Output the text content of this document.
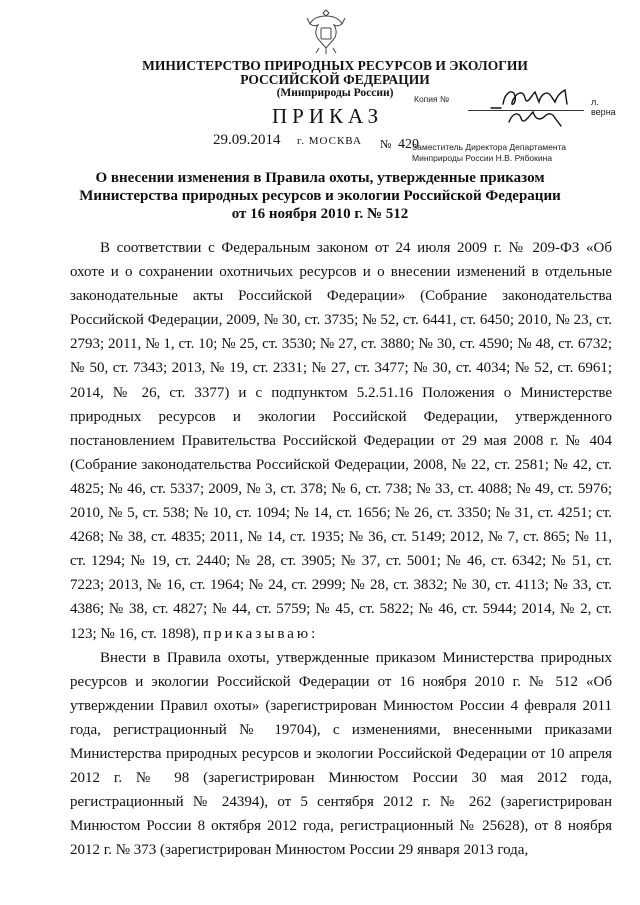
МИНИСТЕРСТВО ПРИРОДНЫХ РЕСУРСОВ И ЭКОЛОГИИ
РОССИЙСКОЙ ФЕДЕРАЦИИ
(Минприроды России)
ПРИКАЗ
29.09.2014 г. МОСКВА № 420
Копия №	л. верна
Заместитель Директора Департамента
Минприроды России Н.В. Рябокина
О внесении изменения в Правила охоты, утвержденные приказом
Министерства природных ресурсов и экологии Российской Федерации
от 16 ноября 2010 г. № 512

В соответствии с Федеральным законом от 24 июля 2009 г. № 209-ФЗ «Об охоте и о сохранении охотничьих ресурсов и о внесении изменений в отдельные законодательные акты Российской Федерации» (Собрание законодательства Российской Федерации, 2009, № 30, ст. 3735; № 52, ст. 6441, ст. 6450; 2010, № 23, ст. 2793; 2011, № 1, ст. 10; № 25, ст. 3530; № 27, ст. 3880; № 30, ст. 4590; № 48, ст. 6732; № 50, ст. 7343; 2013, № 19, ст. 2331; № 27, ст. 3477; № 30, ст. 4034; № 52, ст. 6961; 2014, № 26, ст. 3377) и с подпунктом 5.2.51.16 Положения о Министерстве природных ресурсов и экологии Российской Федерации, утвержденного постановлением Правительства Российской Федерации от 29 мая 2008 г. № 404 (Собрание законодательства Российской Федерации, 2008, № 22, ст. 2581; № 42, ст. 4825; № 46, ст. 5337; 2009, № 3, ст. 378; № 6, ст. 738; № 33, ст. 4088; № 49, ст. 5976; 2010, № 5, ст. 538; № 10, ст. 1094; № 14, ст. 1656; № 26, ст. 3350; № 31, ст. 4251; ст. 4268; № 38, ст. 4835; 2011, № 14, ст. 1935; № 36, ст. 5149; 2012, № 7, ст. 865; № 11, ст. 1294; № 19, ст. 2440; № 28, ст. 3905; № 37, ст. 5001; № 46, ст. 6342; № 51, ст. 7223; 2013, № 16, ст. 1964; № 24, ст. 2999; № 28, ст. 3832; № 30, ст. 4113; № 33, ст. 4386; № 38, ст. 4827; № 44, ст. 5759; № 45, ст. 5822; № 46, ст. 5944; 2014, № 2, ст. 123; № 16, ст. 1898), приказываю:

Внести в Правила охоты, утвержденные приказом Министерства природных ресурсов и экологии Российской Федерации от 16 ноября 2010 г. № 512 «Об утверждении Правил охоты» (зарегистрирован Минюстом России 4 февраля 2011 года, регистрационный № 19704), с изменениями, внесенными приказами Министерства природных ресурсов и экологии Российской Федерации от 10 апреля 2012 г. № 98 (зарегистрирован Минюстом России 30 мая 2012 года, регистрационный № 24394), от 5 сентября 2012 г. № 262 (зарегистрирован Минюстом России 8 октября 2012 года, регистрационный № 25628), от 8 ноября 2012 г. № 373 (зарегистрирован Минюстом России 29 января 2013 года,
